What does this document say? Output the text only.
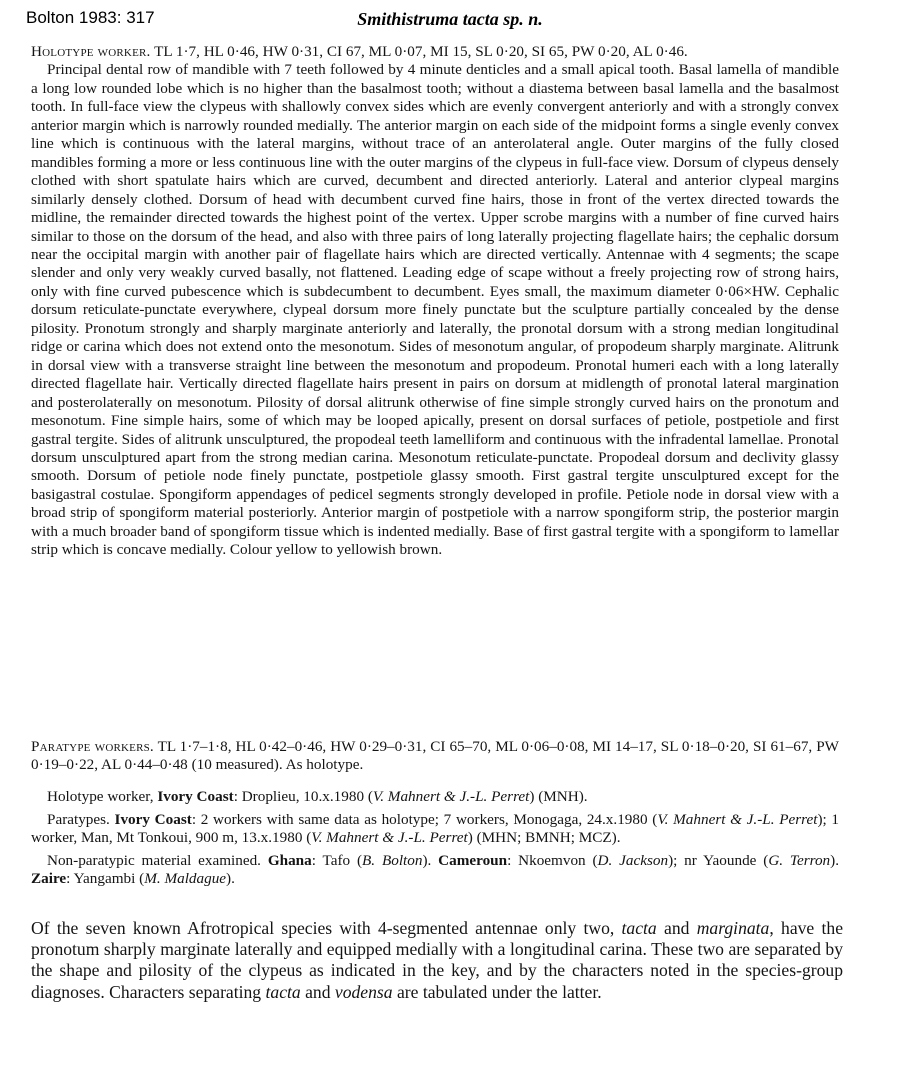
Bolton 1983: 317	Smithistruma tacta sp. n.

Holotype worker. TL 1·7, HL 0·46, HW 0·31, CI 67, ML 0·07, MI 15, SL 0·20, SI 65, PW 0·20, AL 0·46.

Principal dental row of mandible with 7 teeth followed by 4 minute denticles and a small apical tooth. Basal lamella of mandible a long low rounded lobe which is no higher than the basalmost tooth; without a diastema between basal lamella and the basalmost tooth. In full-face view the clypeus with shallowly convex sides which are evenly convergent anteriorly and with a strongly convex anterior margin which is narrowly rounded medially. The anterior margin on each side of the midpoint forms a single evenly convex line which is continuous with the lateral margins, without trace of an anterolateral angle. Outer margins of the fully closed mandibles forming a more or less continuous line with the outer margins of the clypeus in full-face view. Dorsum of clypeus densely clothed with short spatulate hairs which are curved, decumbent and directed anteriorly. Lateral and anterior clypeal margins similarly densely clothed. Dorsum of head with decumbent curved fine hairs, those in front of the vertex directed towards the midline, the remainder directed towards the highest point of the vertex. Upper scrobe margins with a number of fine curved hairs similar to those on the dorsum of the head, and also with three pairs of long laterally projecting flagellate hairs; the cephalic dorsum near the occipital margin with another pair of flagellate hairs which are directed vertically. Antennae with 4 segments; the scape slender and only very weakly curved basally, not flattened. Leading edge of scape without a freely projecting row of strong hairs, only with fine curved pubescence which is subdecumbent to decumbent. Eyes small, the maximum diameter 0·06×HW. Cephalic dorsum reticulate-punctate everywhere, clypeal dorsum more finely punctate but the sculpture partially concealed by the dense pilosity. Pronotum strongly and sharply marginate anteriorly and laterally, the pronotal dorsum with a strong median longitudinal ridge or carina which does not extend onto the mesonotum. Sides of mesonotum angular, of propodeum sharply marginate. Alitrunk in dorsal view with a transverse straight line between the mesonotum and propodeum. Pronotal humeri each with a long laterally directed flagellate hair. Vertically directed flagellate hairs present in pairs on dorsum at midlength of pronotal lateral margination and posterolaterally on mesonotum. Pilosity of dorsal alitrunk otherwise of fine simple strongly curved hairs on the pronotum and mesonotum. Fine simple hairs, some of which may be looped apically, present on dorsal surfaces of petiole, postpetiole and first gastral tergite. Sides of alitrunk unsculptured, the propodeal teeth lamelliform and continuous with the infradental lamellae. Pronotal dorsum unsculptured apart from the strong median carina. Mesonotum reticulate-punctate. Propodeal dorsum and declivity glassy smooth. Dorsum of petiole node finely punctate, postpetiole glassy smooth. First gastral tergite unsculptured except for the basigastral costulae. Spongiform appendages of pedicel segments strongly developed in profile. Petiole node in dorsal view with a broad strip of spongiform material posteriorly. Anterior margin of postpetiole with a narrow spongiform strip, the posterior margin with a much broader band of spongiform tissue which is indented medially. Base of first gastral tergite with a spongiform to lamellar strip which is concave medially. Colour yellow to yellowish brown.

Paratype workers. TL 1·7–1·8, HL 0·42–0·46, HW 0·29–0·31, CI 65–70, ML 0·06–0·08, MI 14–17, SL 0·18–0·20, SI 61–67, PW 0·19–0·22, AL 0·44–0·48 (10 measured). As holotype.

Holotype worker, Ivory Coast: Droplieu, 10.x.1980 (V. Mahnert & J.-L. Perret) (MNH).

Paratypes. Ivory Coast: 2 workers with same data as holotype; 7 workers, Monogaga, 24.x.1980 (V. Mahnert & J.-L. Perret); 1 worker, Man, Mt Tonkoui, 900 m, 13.x.1980 (V. Mahnert & J.-L. Perret) (MHN; BMNH; MCZ).

Non-paratypic material examined. Ghana: Tafo (B. Bolton). Cameroun: Nkoemvon (D. Jackson); nr Yaounde (G. Terron). Zaire: Yangambi (M. Maldague).

Of the seven known Afrotropical species with 4-segmented antennae only two, tacta and marginata, have the pronotum sharply marginate laterally and equipped medially with a longitudinal carina. These two are separated by the shape and pilosity of the clypeus as indicated in the key, and by the characters noted in the species-group diagnoses. Characters separating tacta and vodensa are tabulated under the latter.
